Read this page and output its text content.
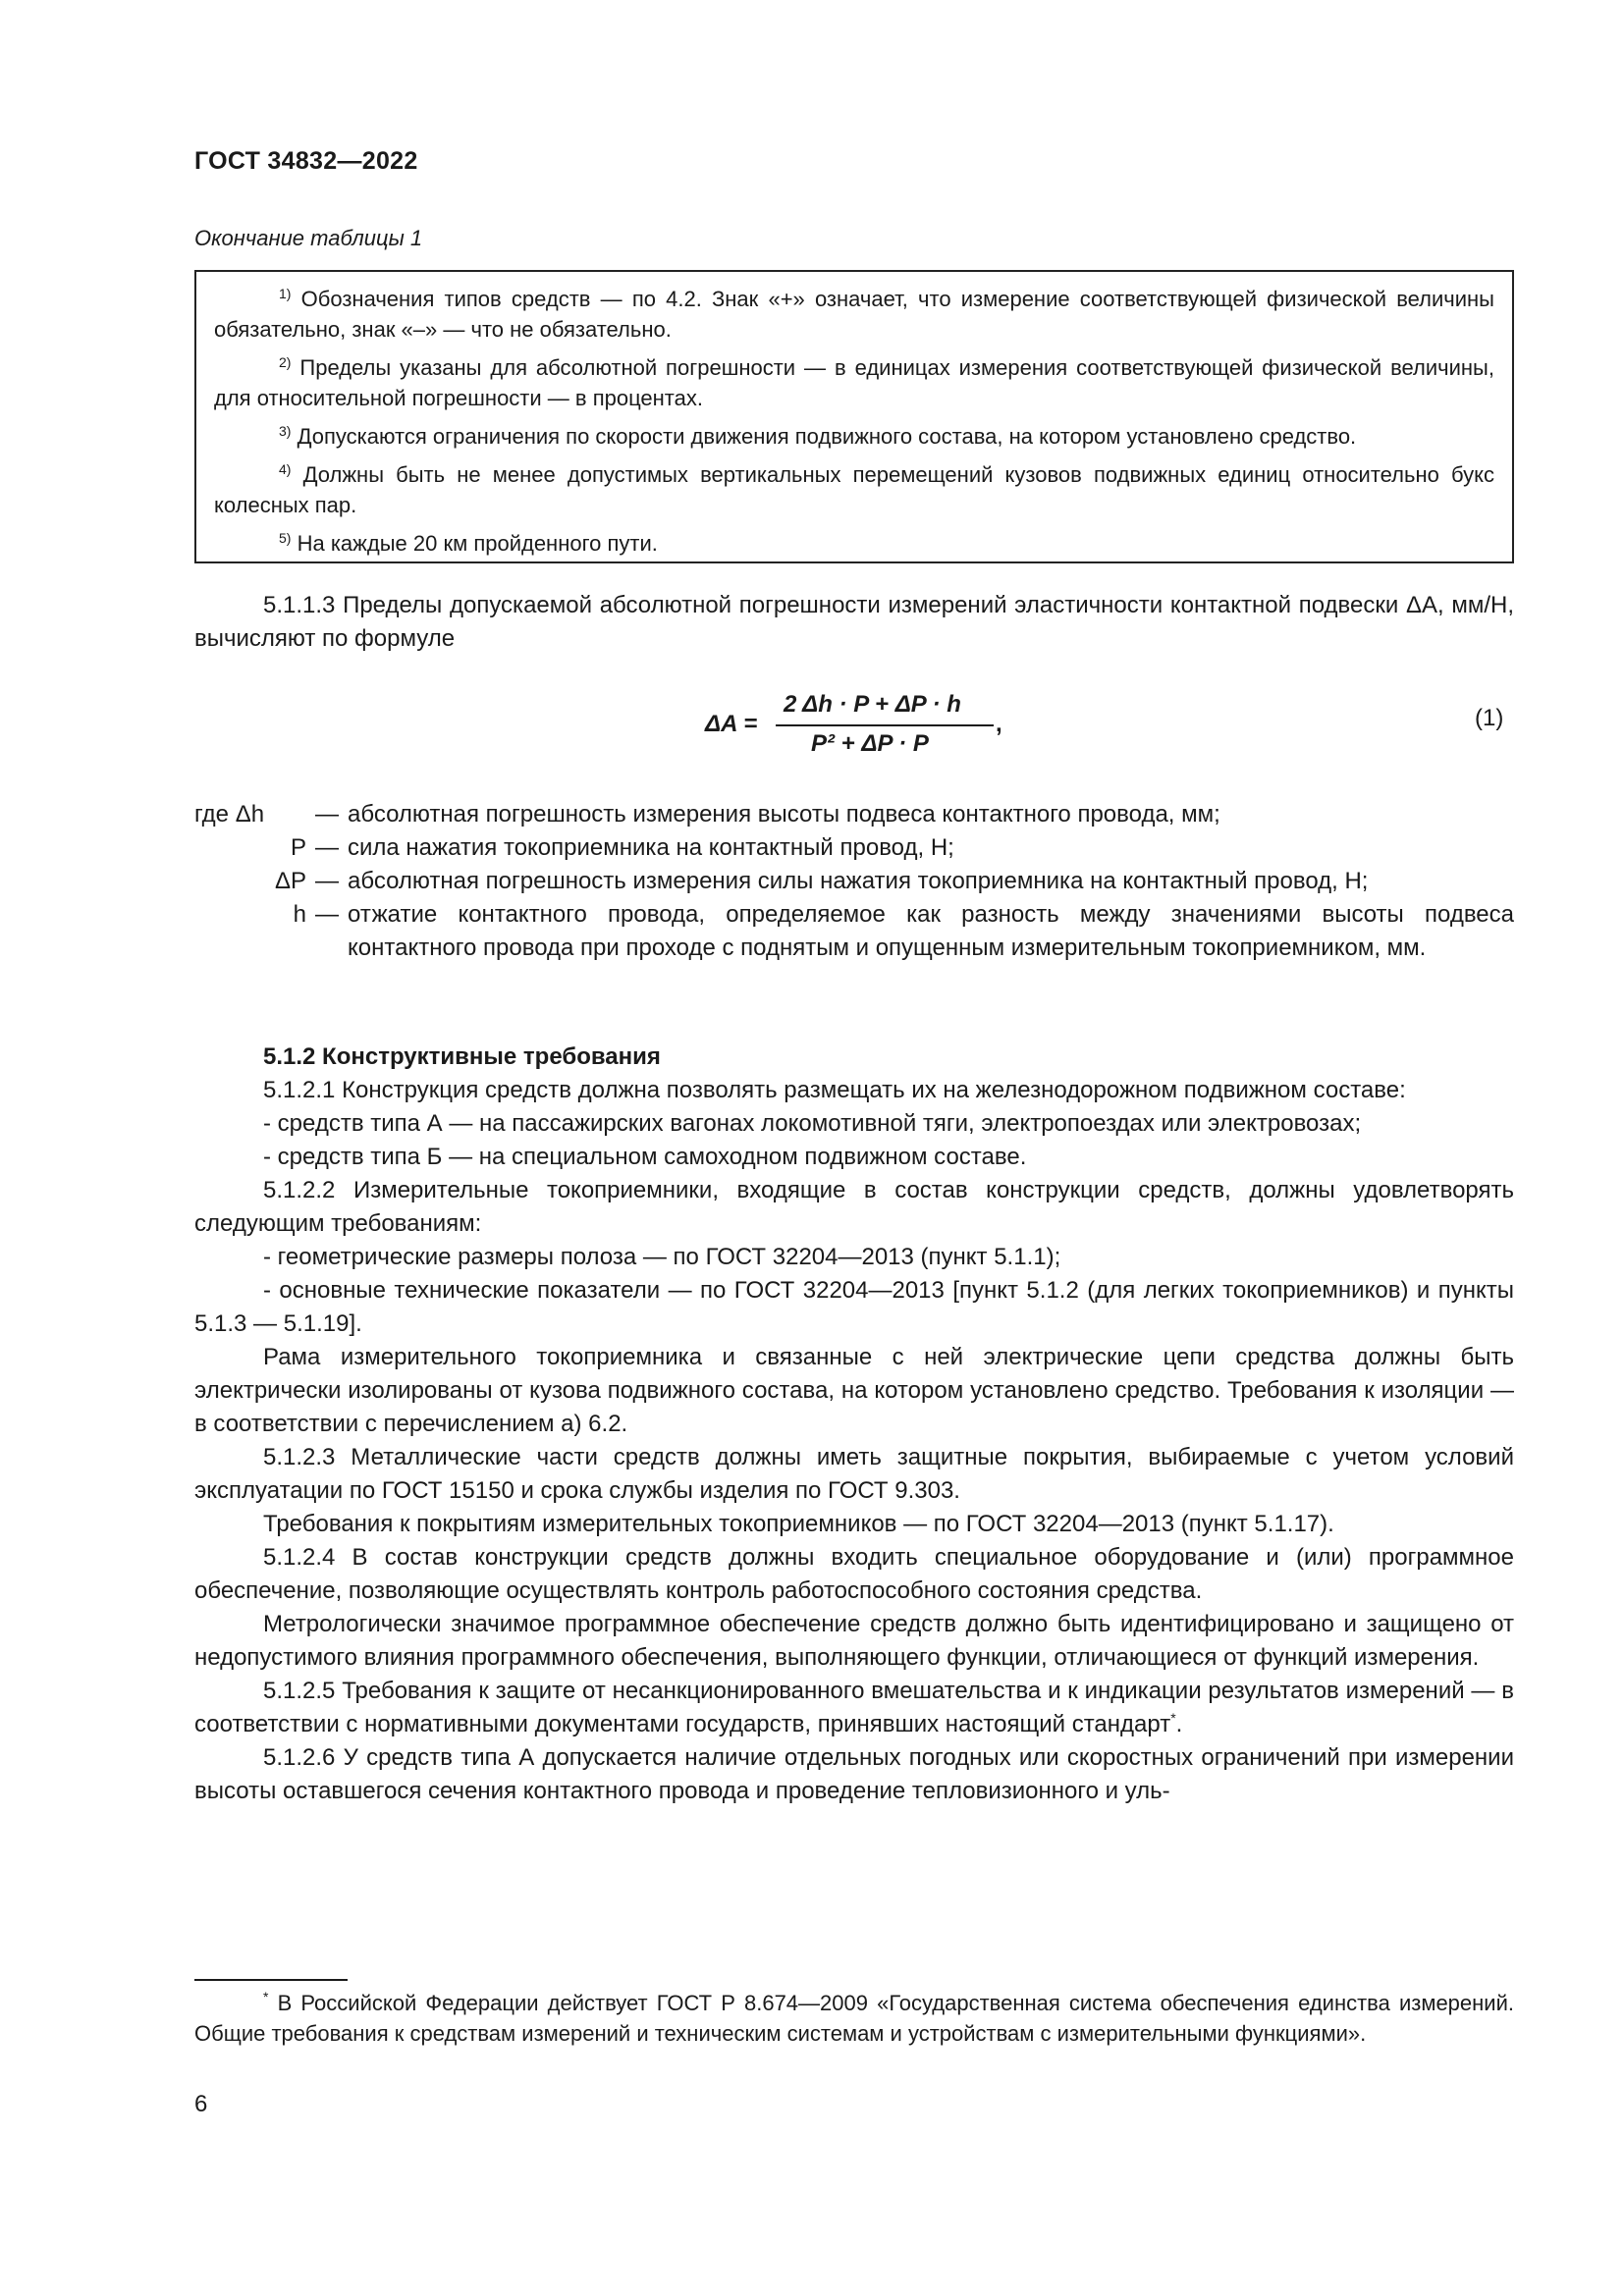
ГОСТ 34832—2022
Окончание таблицы 1

$^{1)}$ Обозначения типов средств — по 4.2. Знак «+» означает, что измерение соответствующей физической величины обязательно, знак «–» — что не обязательно.

$^{2)}$ Пределы указаны для абсолютной погрешности — в единицах измерения соответствующей физической величины, для относительной погрешности — в процентах.

$^{3)}$ Допускаются ограничения по скорости движения подвижного состава, на котором установлено средство.

$^{4)}$ Должны быть не менее допустимых вертикальных перемещений кузовов подвижных единиц относительно букс колесных пар.

$^{5)}$ На каждые 20 км пройденного пути.

5.1.1.3 Пределы допускаемой абсолютной погрешности измерений эластичности контактной подвески ΔA, мм/Н, вычисляют по формуле

ΔA =
2 Δh · P + ΔP · h
P² + ΔP · P
,	(1)
где Δh	— абсолютная погрешность измерения высоты подвеса контактного провода, мм;
P — сила нажатия токоприемника на контактный провод, Н;
ΔP — абсолютная погрешность измерения силы нажатия токоприемника на контактный провод, Н;
h — отжатие контактного провода, определяемое как разность между значениями высоты подвеса контактного провода при проходе с поднятым и опущенным измерительным токоприемником, мм.

5.1.2 Конструктивные требования

5.1.2.1 Конструкция средств должна позволять размещать их на железнодорожном подвижном составе:

- средств типа А — на пассажирских вагонах локомотивной тяги, электропоездах или электровозах;

- средств типа Б — на специальном самоходном подвижном составе.

5.1.2.2 Измерительные токоприемники, входящие в состав конструкции средств, должны удовлетворять следующим требованиям:

- геометрические размеры полоза — по ГОСТ 32204—2013 (пункт 5.1.1);

- основные технические показатели — по ГОСТ 32204—2013 [пункт 5.1.2 (для легких токоприемников) и пункты 5.1.3 — 5.1.19].

Рама измерительного токоприемника и связанные с ней электрические цепи средства должны быть электрически изолированы от кузова подвижного состава, на котором установлено средство. Требования к изоляции — в соответствии с перечислением а) 6.2.

5.1.2.3 Металлические части средств должны иметь защитные покрытия, выбираемые с учетом условий эксплуатации по ГОСТ 15150 и срока службы изделия по ГОСТ 9.303.

Требования к покрытиям измерительных токоприемников — по ГОСТ 32204—2013 (пункт 5.1.17).

5.1.2.4 В состав конструкции средств должны входить специальное оборудование и (или) программное обеспечение, позволяющие осуществлять контроль работоспособного состояния средства.

Метрологически значимое программное обеспечение средств должно быть идентифицировано и защищено от недопустимого влияния программного обеспечения, выполняющего функции, отличающиеся от функций измерения.

5.1.2.5 Требования к защите от несанкционированного вмешательства и к индикации результатов измерений — в соответствии с нормативными документами государств, принявших настоящий стандарт*.

5.1.2.6 У средств типа А допускается наличие отдельных погодных или скоростных ограничений при измерении высоты оставшегося сечения контактного провода и проведение тепловизионного и уль-

* В Российской Федерации действует ГОСТ Р 8.674—2009 «Государственная система обеспечения единства измерений. Общие требования к средствам измерений и техническим системам и устройствам с измерительными функциями».
6
